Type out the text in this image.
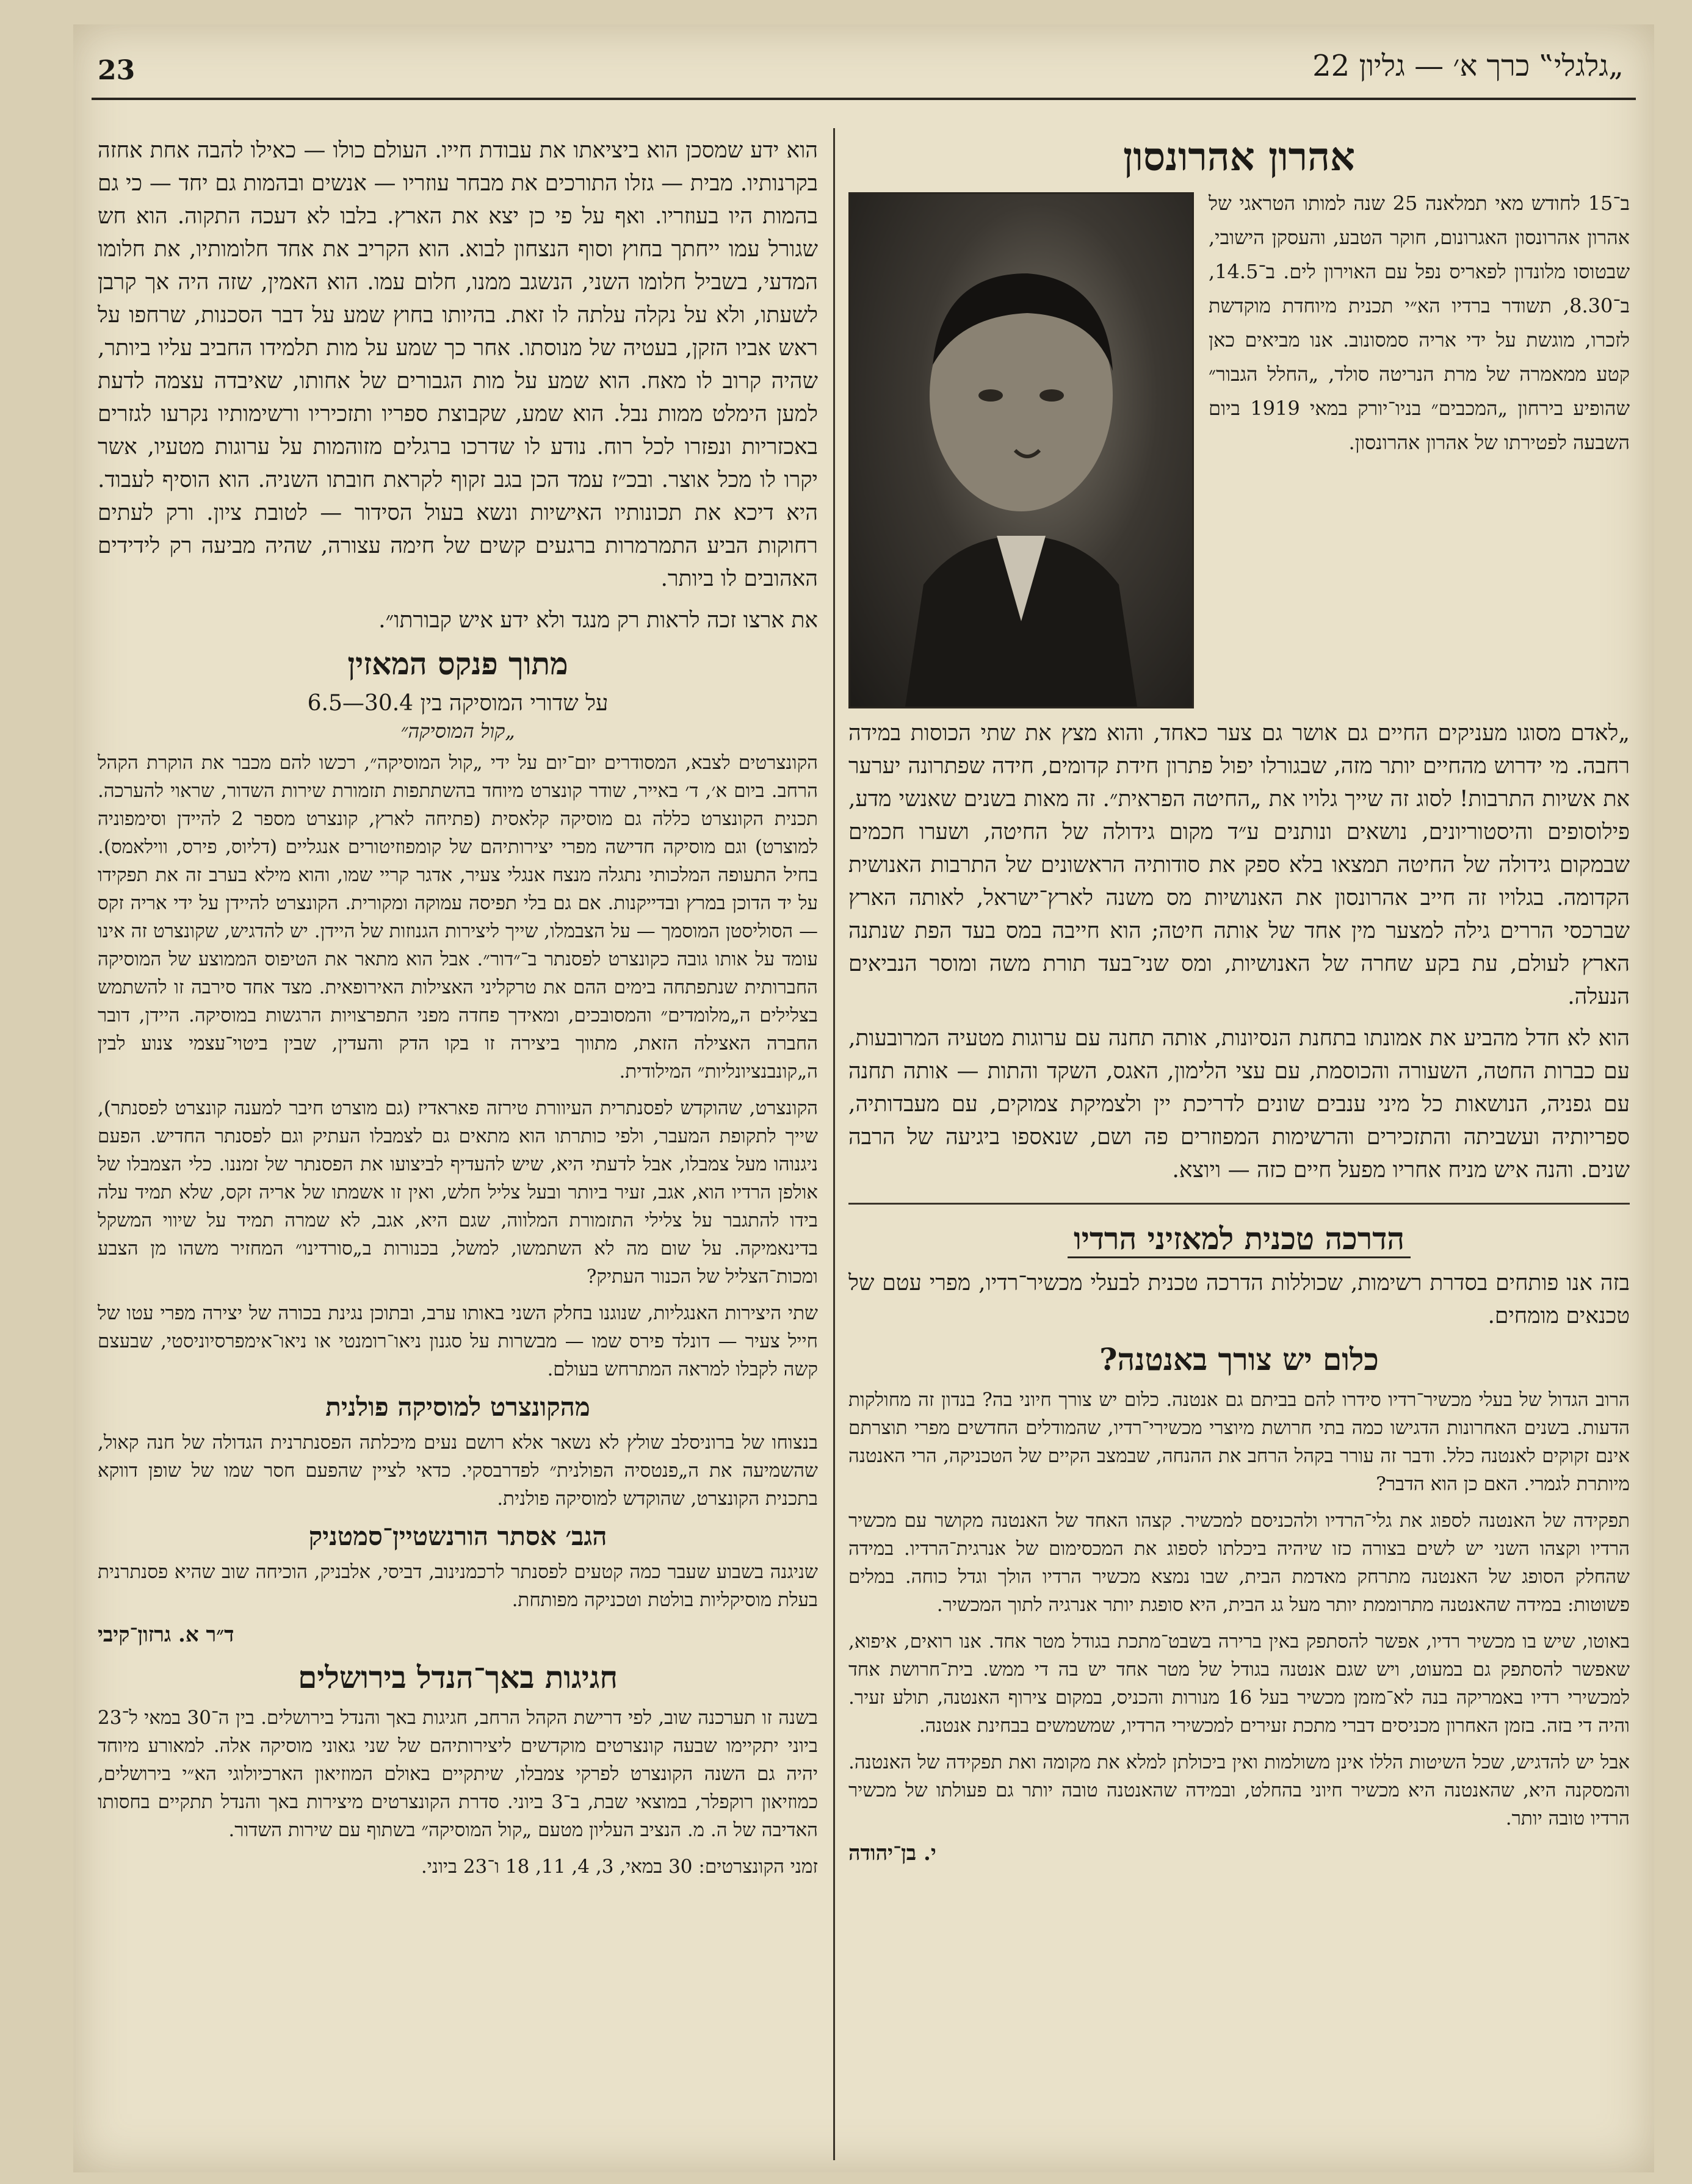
23	„גלגלי‟ כרך א׳ — גליון 22

הוא ידע שמסכן הוא ביציאתו את עבודת חייו. העולם כולו — כאילו להבה אחת אחזה בקרנותיו. מבית — גזלו התורכים את מבחר עוזריו — אנשים ובהמות גם יחד — כי גם בהמות היו בעוזריו. ואף על פי כן יצא את הארץ. בלבו לא דעכה התקוה. הוא חש שגורל עמו ייחתך בחוץ וסוף הנצחון לבוא. הוא הקריב את אחד חלומותיו, את חלומו המדעי, בשביל חלומו השני, הנשגב ממנו, חלום עמו. הוא האמין, שזה היה אך קרבן לשעתו, ולא על נקלה עלתה לו זאת. בהיותו בחוץ שמע על דבר הסכנות, שרחפו על ראש אביו הזקן, בעטיה של מנוסתו. אחר כך שמע על מות תלמידו החביב עליו ביותר, שהיה קרוב לו מאח. הוא שמע על מות הגבורים של אחותו, שאיבדה עצמה לדעת למען הימלט ממות נבל. הוא שמע, שקבוצת ספריו ותזכיריו ורשימותיו נקרעו לגזרים באכזריות ונפזרו לכל רוח. נודע לו שדרכו ברגלים מזוהמות על ערוגות מטעיו, אשר יקרו לו מכל אוצר. ובכ״ז עמד הכן בגב זקוף לקראת חובתו השניה. הוא הוסיף לעבוד. היא דיכא את תכונותיו האישיות ונשא בעול הסידור — לטובת ציון. ורק לעתים רחוקות הביע התמרמרות ברגעים קשים של חימה עצורה, שהיה מביעה רק לידידים האהובים לו ביותר.

את ארצו זכה לראות רק מנגד ולא ידע איש קבורתו״.

מתוך פנקס המאזין
על שדורי המוסיקה בין 30.4—6.5
„קול המוסיקה״

הקונצרטים לצבא, המסודרים יום־יום על ידי „קול המוסיקה״, רכשו להם מכבר את הוקרת הקהל הרחב. ביום א׳, ד׳ באייר, שודר קונצרט מיוחד בהשתתפות תזמורת שירות השדור, שראוי להערכה. תכנית הקונצרט כללה גם מוסיקה קלאסית (פתיחה לארץ, קונצרט מספר 2 להיידן וסימפוניה למוצרט) וגם מוסיקה חדישה מפרי יצירותיהם של קומפוזיטורים אנגליים (דליוס, פירס, ווילאמס). בחיל התעופה המלכותי נתגלה מנצח אנגלי צעיר, אדגר קריי שמו, והוא מילא בערב זה את תפקידו על יד הדוכן במרץ ובדייקנות. אם גם בלי תפיסה עמוקה ומקורית. הקונצרט להיידן על ידי אריה זקס — הסוליסטן המוסמך — על הצבמלו, שייך ליצירות הגנוזות של היידן. יש להדגיש, שקונצרט זה אינו עומד על אותו גובה כקונצרט לפסנתר ב־״דור״. אבל הוא מתאר את הטיפוס הממוצע של המוסיקה החברותית שנתפתחה בימים ההם את טרקליני האצילות האירופאית. מצד אחד סירבה זו להשתמש בצלילים ה„מלומדים״ והמסובכים, ומאידך פחדה מפני התפרצויות הרגשות במוסיקה. היידן, דובר החברה האצילה הזאת, מתווך ביצירה זו בקו הדק והעדין, שבין ביטוי־עצמי צנוע לבין ה„קונבנציונליות״ המילודית.

הקונצרט, שהוקדש לפסנתרית העיוורת טירזה פאראדיז (גם מוצרט חיבר למענה קונצרט לפסנתר), שייך לתקופת המעבר, ולפי כותרתו הוא מתאים גם לצמבלו העתיק וגם לפסנתר החדיש. הפעם ניגנוהו מעל צמבלו, אבל לדעתי היא, שיש להעדיף לביצועו את הפסנתר של זמננו. כלי הצמבלו של אולפן הרדיו הוא, אגב, זעיר ביותר ובעל צליל חלש, ואין זו אשמתו של אריה זקס, שלא תמיד עלה בידו להתגבר על צלילי התזמורת המלווה, שגם היא, אגב, לא שמרה תמיד על שיווי המשקל בדינאמיקה. על שום מה לא השתמשו, למשל, בכנורות ב„סורדינו״ המחזיר משהו מן הצבע ומכות־הצליל של הכנור העתיק?

שתי היצירות האנגליות, שנוגנו בחלק השני באותו ערב, ובתוכן נגינת בכורה של יצירה מפרי עטו של חייל צעיר — דונלד פירס שמו — מבשרות על סגנון ניאו־רומנטי או ניאו־אימפרסיוניסטי, שבעצם קשה לקבלו למראה המתרחש בעולם.

מהקונצרט למוסיקה פולנית

בנצוחו של ברוניסלב שולץ לא נשאר אלא רושם נעים מיכלתה הפסנתרנית הגדולה של חנה קאול, שהשמיעה את ה„פנטסיה הפולנית״ לפדרבסקי. כדאי לציין שהפעם חסר שמו של שופן דווקא בתכנית הקונצרט, שהוקדש למוסיקה פולנית.

הגב׳ אסתר הורנשטיין־סמטניק

שניגנה בשבוע שעבר כמה קטעים לפסנתר לרכמנינוב, דביסי, אלבניק, הוכיחה שוב שהיא פסנתרנית בעלת מוסיקליות בולטת וטכניקה מפותחת.

ד״ר א. גרזון־קיבי
חגיגות באך־הנדל בירושלים

בשנה זו תערכנה שוב, לפי דרישת הקהל הרחב, חגיגות באך והנדל בירושלים. בין ה־30 במאי ל־23 ביוני יתקיימו שבעה קונצרטים מוקדשים ליצירותיהם של שני גאוני מוסיקה אלה. למאורע מיוחד יהיה גם השנה הקונצרט לפרקי צמבלו, שיתקיים באולם המוזיאון הארכיולוגי הא״י בירושלים, כמוזיאון רוקפלר, במוצאי שבת, ב־3 ביוני. סדרת הקונצרטים מיצירות באך והנדל תתקיים בחסותו האדיבה של ה. מ. הנציב העליון מטעם „קול המוסיקה״ בשתוף עם שירות השדור.

זמני הקונצרטים: 30 במאי, 3, 4, 11, 18 ו־23 ביוני.

אהרון אהרונסון

ב־15 לחודש מאי תמלאנה 25 שנה למותו הטראגי של אהרון אהרונסון האגרונום, חוקר הטבע, והעסקן הישובי, שבטוסו מלונדון לפאריס נפל עם האוירון לים. ב־14.5, ב־8.30, תשודר ברדיו הא״י תכנית מיוחדת מוקדשת לזכרו, מוגשת על ידי אריה סמסונוב. אנו מביאים כאן קטע ממאמרה של מרת הנריטה סולד, „החלל הגבור״ שהופיע בירחון „המכבים״ בניו־יורק במאי 1919 ביום השבעה לפטירתו של אהרון אהרונסון.

„לאדם מסוגו מעניקים החיים גם אושר גם צער כאחד, והוא מצץ את שתי הכוסות במידה רחבה. מי ידרוש מהחיים יותר מזה, שבגורלו יפול פתרון חידת קדומים, חידה שפתרונה יערער את אשיות התרבות! לסוג זה שייך גלויו את „החיטה הפראית״. זה מאות בשנים שאנשי מדע, פילוסופים והיסטוריונים, נושאים ונותנים ע״ד מקום גידולה של החיטה, ושערו חכמים שבמקום גידולה של החיטה תמצאו בלא ספק את סודותיה הראשונים של התרבות האנושית הקדומה. בגלויו זה חייב אהרונסון את האנושיות מס משנה לארץ־ישראל, לאותה הארץ שברכסי הררים גילה למצער מין אחד של אותה חיטה; הוא חייבה במס בעד הפת שנתנה הארץ לעולם, עת בקע שחרה של האנושיות, ומס שני־בעד תורת משה ומוסר הנביאים הנעלה.

הוא לא חדל מהביע את אמונתו בתחנת הנסיונות, אותה תחנה עם ערוגות מטעיה המרובעות, עם כברות החטה, השעורה והכוסמת, עם עצי הלימון, האגס, השקד והתות — אותה תחנה עם גפניה, הנושאות כל מיני ענבים שונים לדריכת יין ולצמיקת צמוקים, עם מעבדותיה, ספריותיה ועשביתה והתזכירים והרשימות המפוזרים פה ושם, שנאספו ביגיעה של הרבה שנים. והנה איש מניח אחריו מפעל חיים כזה — ויוצא.

הדרכה טכנית למאזיני הרדיו

בזה אנו פותחים בסדרת רשימות, שכוללות הדרכה טכנית לבעלי מכשיר־רדיו, מפרי עטם של טכנאים מומחים.

כלום יש צורך באנטנה?

הרוב הגדול של בעלי מכשיר־רדיו סידרו להם בביתם גם אנטנה. כלום יש צורך חיוני בה? בנדון זה מחולקות הדעות. בשנים האחרונות הדגישו כמה בתי חרושת מיוצרי מכשירי־רדיו, שהמודלים החדשים מפרי תוצרתם אינם זקוקים לאנטנה כלל. ודבר זה עורר בקהל הרחב את ההנחה, שבמצב הקיים של הטכניקה, הרי האנטנה מיותרת לגמרי. האם כן הוא הדבר?

תפקידה של האנטנה לספוג את גלי־הרדיו ולהכניסם למכשיר. קצהו האחד של האנטנה מקושר עם מכשיר הרדיו וקצהו השני יש לשים בצורה כזו שיהיה ביכלתו לספוג את המכסימום של אנרגית־הרדיו. במידה שהחלק הסופג של האנטנה מתרחק מאדמת הבית, שבו נמצא מכשיר הרדיו הולך וגדל כוחה. במלים פשוטות: במידה שהאנטנה מתרוממת יותר מעל גג הבית, היא סופגת יותר אנרגיה לתוך המכשיר.

באוטו, שיש בו מכשיר רדיו, אפשר להסתפק באין ברירה בשבט־מתכת בגודל מטר אחד. אנו רואים, איפוא, שאפשר להסתפק גם במעוט, ויש שגם אנטנה בגודל של מטר אחד יש בה די ממש. בית־חרושת אחד למכשירי רדיו באמריקה בנה לא־מזמן מכשיר בעל 16 מנורות והכניס, במקום צירוף האנטנה, תולע זעיר. והיה די בזה. בזמן האחרון מכניסים דברי מתכת זעירים למכשירי הרדיו, שמשמשים בבחינת אנטנה.

אבל יש להדגיש, שכל השיטות הללו אינן משולמות ואין ביכולתן למלא את מקומה ואת תפקידה של האנטנה. והמסקנה היא, שהאנטנה היא מכשיר חיוני בהחלט, ובמידה שהאנטנה טובה יותר גם פעולתו של מכשיר הרדיו טובה יותר.

י. בן־יהודה
